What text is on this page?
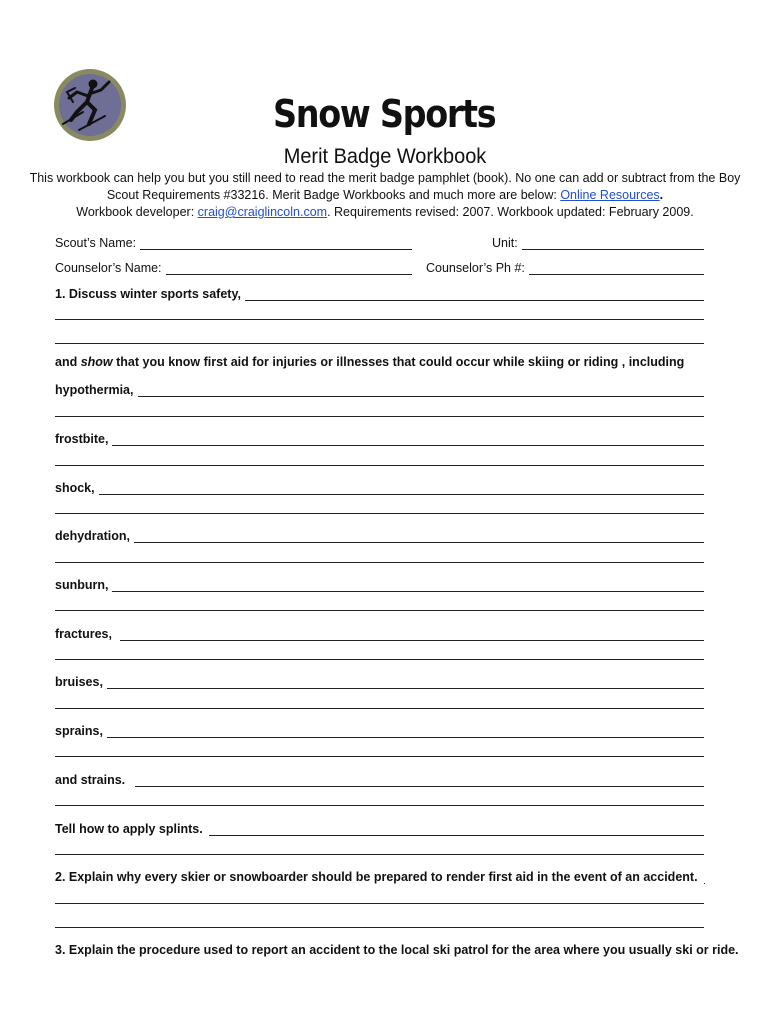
Snow Sports
Merit Badge Workbook
This workbook can help you but you still need to read the merit badge pamphlet (book). No one can add or subtract from the Boy
Scout Requirements #33216. Merit Badge Workbooks and much more are below: Online Resources.
Workbook developer: craig@craiglincoln.com. Requirements revised: 2007. Workbook updated: February 2009.
Scout’s Name:	Unit:
Counselor’s Name:	Counselor’s Ph #:
1. Discuss winter sports safety,
and show that you know first aid for injuries or illnesses that could occur while skiing or riding , including
hypothermia,
frostbite,
shock,
dehydration,
sunburn,
fractures,
bruises,
sprains,
and strains.
Tell how to apply splints.
2. Explain why every skier or snowboarder should be prepared to render first aid in the event of an accident.
3. Explain the procedure used to report an accident to the local ski patrol for the area where you usually ski or ride.
